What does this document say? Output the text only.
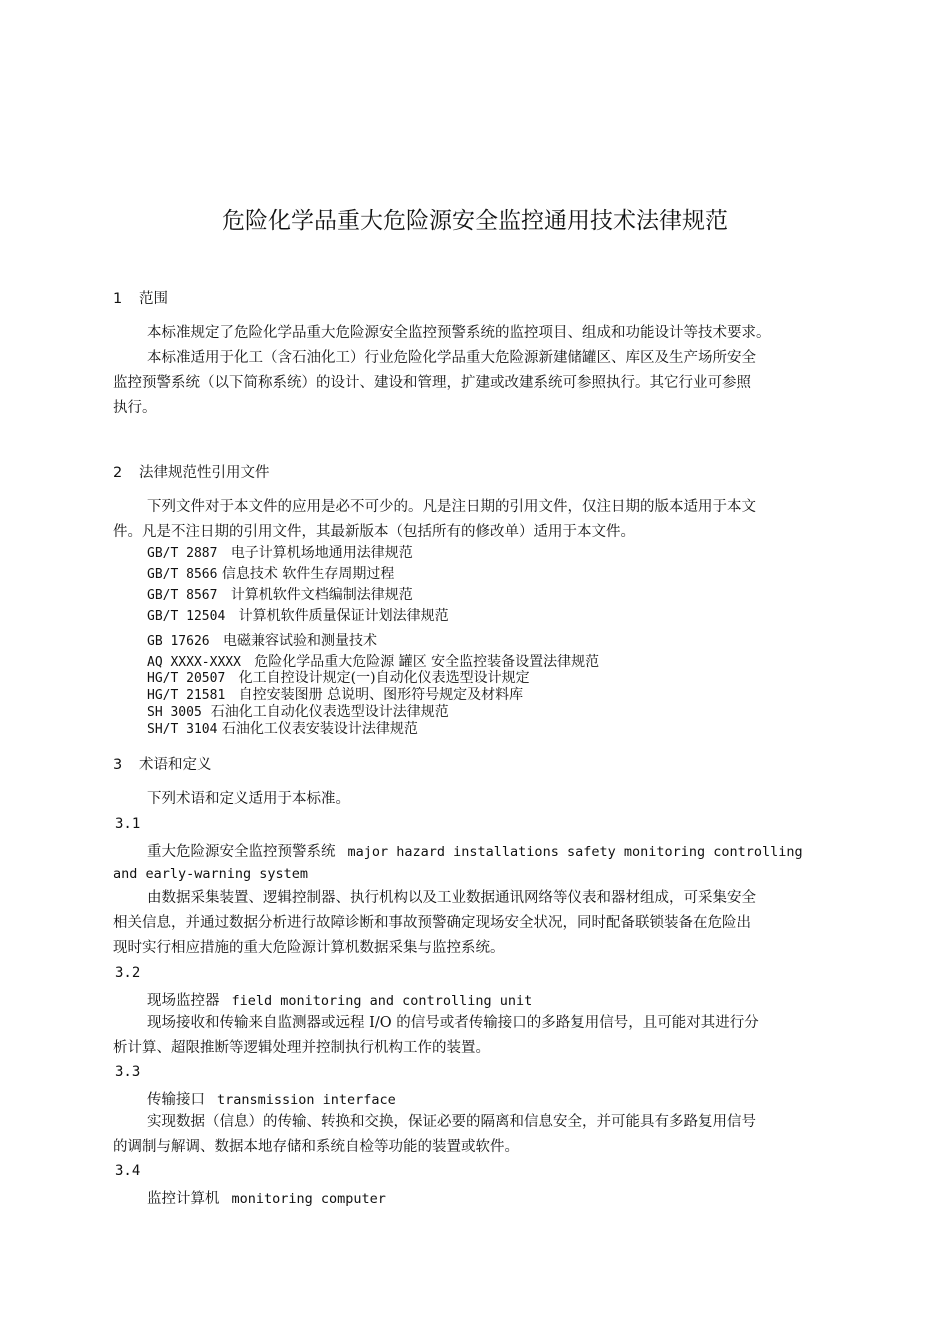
危险化学品重大危险源安全监控通用技术法律规范
1 范围
本标准规定了危险化学品重大危险源安全监控预警系统的监控项目、组成和功能设计等技术要求。
本标准适用于化工（含石油化工）行业危险化学品重大危险源新建储罐区、库区及生产场所安全
监控预警系统（以下简称系统）的设计、建设和管理，扩建或改建系统可参照执行。其它行业可参照
执行。
2 法律规范性引用文件
下列文件对于本文件的应用是必不可少的。凡是注日期的引用文件，仅注日期的版本适用于本文
件。凡是不注日期的引用文件，其最新版本（包括所有的修改单）适用于本文件。
GB/T 2887 电子计算机场地通用法律规范
GB/T 8566 信息技术 软件生存周期过程
GB/T 8567 计算机软件文档编制法律规范
GB/T 12504 计算机软件质量保证计划法律规范
GB 17626 电磁兼容试验和测量技术
AQ XXXX-XXXX 危险化学品重大危险源 罐区 安全监控装备设置法律规范
HG/T 20507 化工自控设计规定(一)自动化仪表选型设计规定
HG/T 21581 自控安装图册 总说明、图形符号规定及材料库
SH 3005 石油化工自动化仪表选型设计法律规范
SH/T 3104 石油化工仪表安装设计法律规范
3 术语和定义
下列术语和定义适用于本标准。
3.1
重大危险源安全监控预警系统 major hazard installations safety monitoring controlling
and early-warning system
由数据采集装置、逻辑控制器、执行机构以及工业数据通讯网络等仪表和器材组成，可采集安全
相关信息，并通过数据分析进行故障诊断和事故预警确定现场安全状况，同时配备联锁装备在危险出
现时实行相应措施的重大危险源计算机数据采集与监控系统。
3.2
现场监控器 field monitoring and controlling unit
现场接收和传输来自监测器或远程 I/O 的信号或者传输接口的多路复用信号，且可能对其进行分
析计算、超限推断等逻辑处理并控制执行机构工作的装置。
3.3
传输接口 transmission interface
实现数据（信息）的传输、转换和交换，保证必要的隔离和信息安全，并可能具有多路复用信号
的调制与解调、数据本地存储和系统自检等功能的装置或软件。
3.4
监控计算机 monitoring computer
